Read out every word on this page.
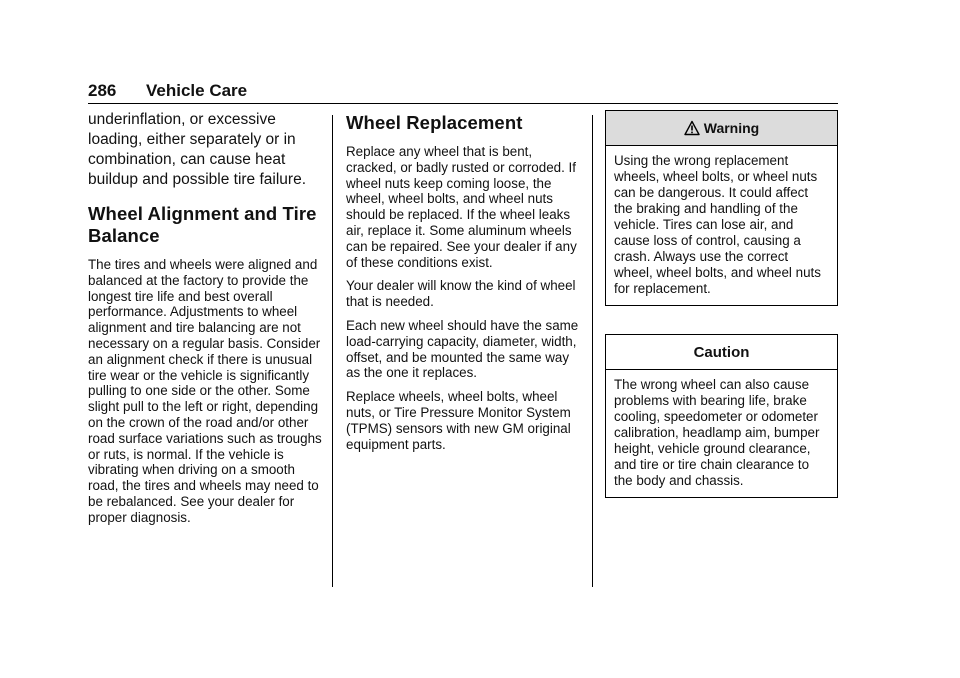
286 Vehicle Care

underinflation, or excessive loading, either separately or in combination, can cause heat buildup and possible tire failure.

Wheel Alignment and Tire Balance

The tires and wheels were aligned and balanced at the factory to provide the longest tire life and best overall performance. Adjustments to wheel alignment and tire balancing are not necessary on a regular basis. Consider an alignment check if there is unusual tire wear or the vehicle is significantly pulling to one side or the other. Some slight pull to the left or right, depending on the crown of the road and/or other road surface variations such as troughs or ruts, is normal. If the vehicle is vibrating when driving on a smooth road, the tires and wheels may need to be rebalanced. See your dealer for proper diagnosis.

Wheel Replacement

Replace any wheel that is bent, cracked, or badly rusted or corroded. If wheel nuts keep coming loose, the wheel, wheel bolts, and wheel nuts should be replaced. If the wheel leaks air, replace it. Some aluminum wheels can be repaired. See your dealer if any of these conditions exist.

Your dealer will know the kind of wheel that is needed.

Each new wheel should have the same load-carrying capacity, diameter, width, offset, and be mounted the same way as the one it replaces.

Replace wheels, wheel bolts, wheel nuts, or Tire Pressure Monitor System (TPMS) sensors with new GM original equipment parts.

Warning
Using the wrong replacement wheels, wheel bolts, or wheel nuts can be dangerous. It could affect the braking and handling of the vehicle. Tires can lose air, and cause loss of control, causing a crash. Always use the correct wheel, wheel bolts, and wheel nuts for replacement.
Caution
The wrong wheel can also cause problems with bearing life, brake cooling, speedometer or odometer calibration, headlamp aim, bumper height, vehicle ground clearance, and tire or tire chain clearance to the body and chassis.
